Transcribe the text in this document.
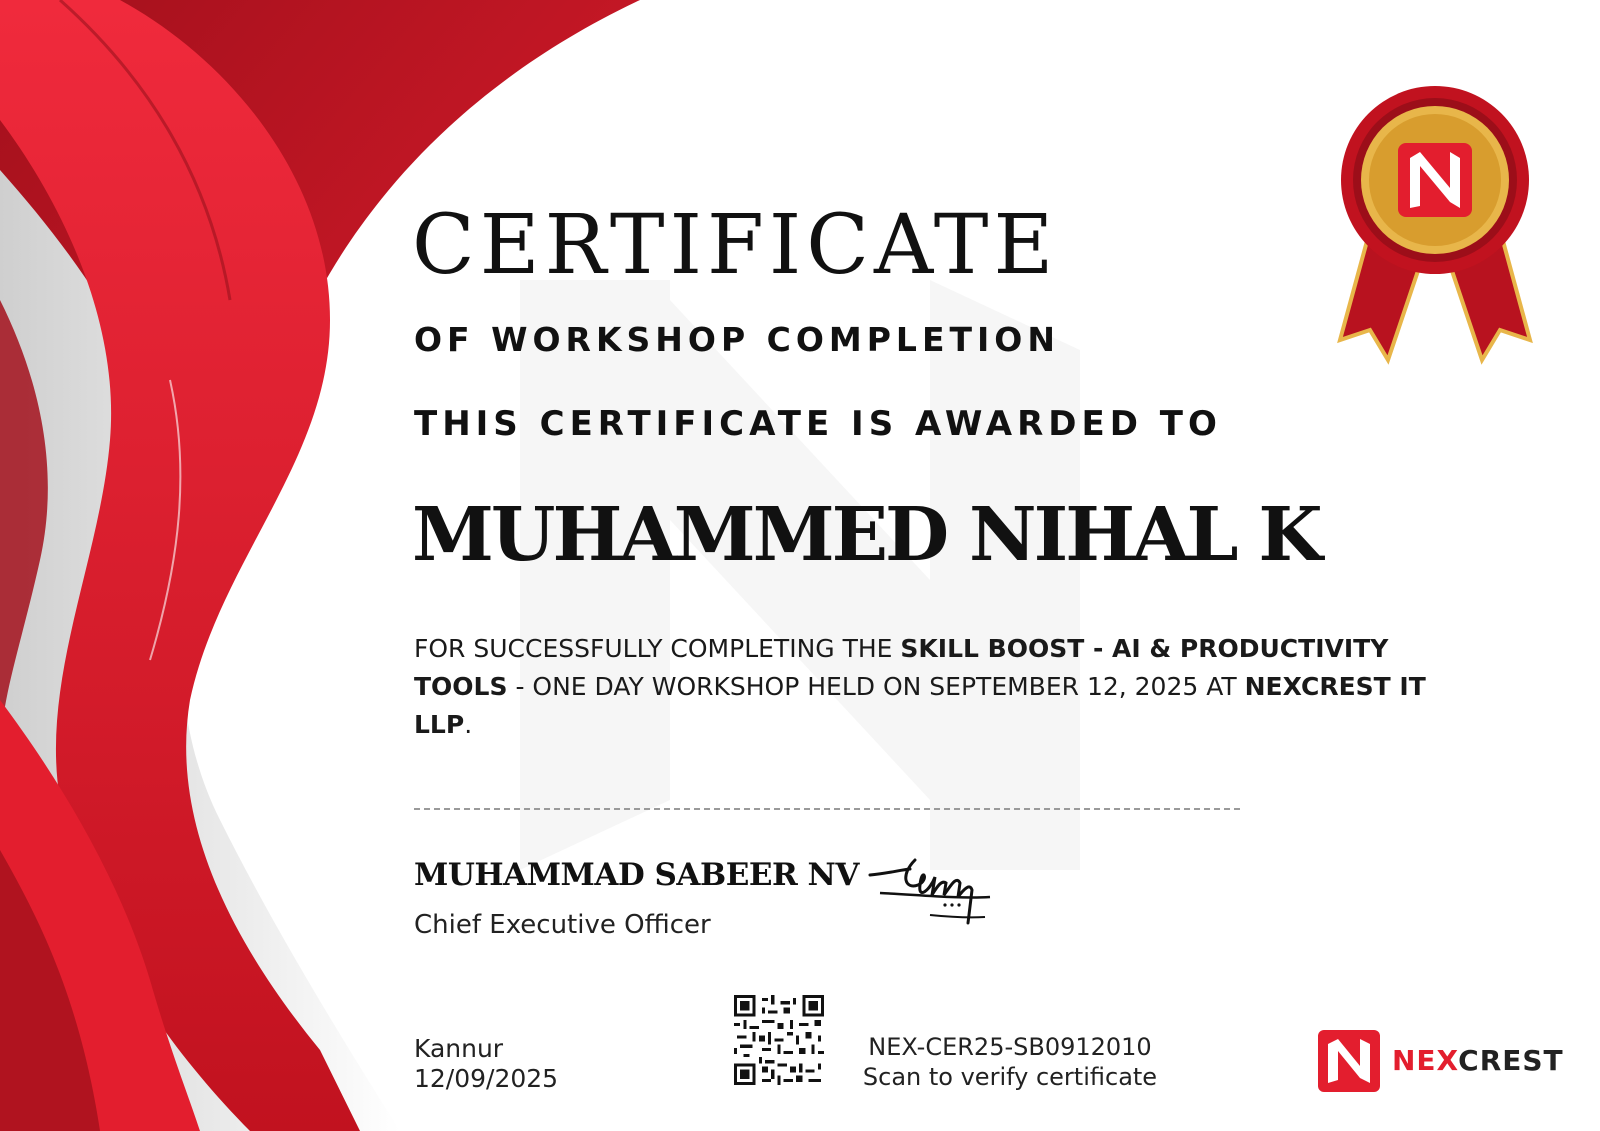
CERTIFICATE
OF WORKSHOP COMPLETION
THIS CERTIFICATE IS AWARDED TO
MUHAMMED NIHAL K
FOR SUCCESSFULLY COMPLETING THE SKILL BOOST - AI & PRODUCTIVITY TOOLS - ONE DAY WORKSHOP HELD ON SEPTEMBER 12, 2025 AT NEXCREST IT LLP.
MUHAMMAD SABEER NV
Chief Executive Officer
Kannur
12/09/2025
NEX-CER25-SB0912010
Scan to verify certificate	NEXCREST
